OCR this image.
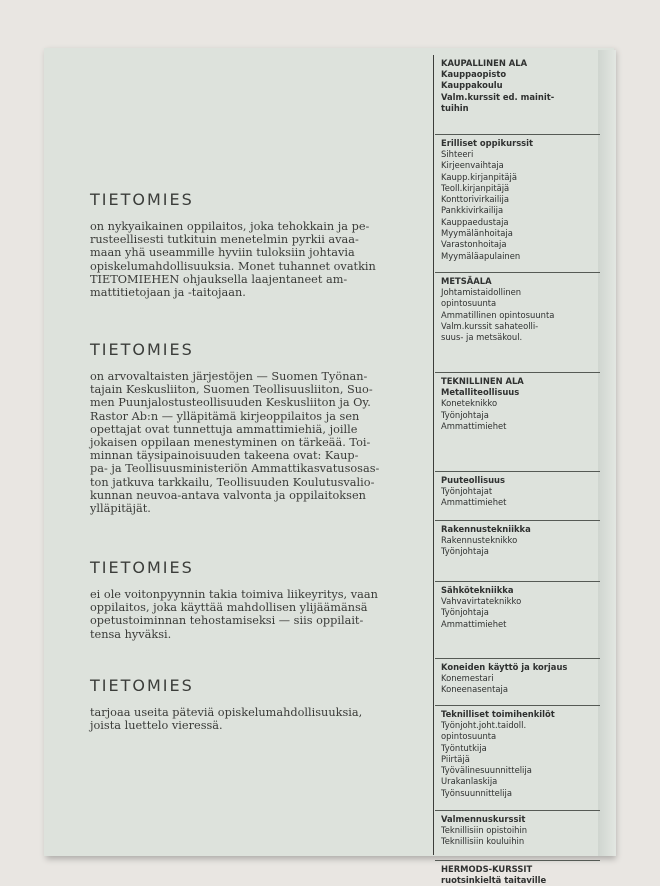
TIETOMIES

on nykyaikainen oppilaitos, joka tehokkain ja pe-
rusteellisesti tutkituin menetelmin pyrkii avaa-
maan yhä useammille hyviin tuloksiin johtavia
opiskelumahdollisuuksia. Monet tuhannet ovatkin
TIETOMIEHEN ohjauksella laajentaneet am-
mattitietojaan ja -taitojaan.

TIETOMIES

on arvovaltaisten järjestöjen — Suomen Työnan-
tajain Keskusliiton, Suomen Teollisuusliiton, Suo-
men Puunjalostusteollisuuden Keskusliiton ja Oy.
Rastor Ab:n — ylläpitämä kirjeoppilaitos ja sen
opettajat ovat tunnettuja ammattimiehiä, joille
jokaisen oppilaan menestyminen on tärkeää. Toi-
minnan täysipainoisuuden takeena ovat: Kaup-
pa- ja Teollisuusministeriön Ammattikasvatusosas-
ton jatkuva tarkkailu, Teollisuuden Koulutusvalio-
kunnan neuvoa-antava valvonta ja oppilaitoksen
ylläpitäjät.

TIETOMIES

ei ole voitonpyynnin takia toimiva liikeyritys, vaan
oppilaitos, joka käyttää mahdollisen ylijäämänsä
opetustoiminnan tehostamiseksi — siis oppilait-
tensa hyväksi.

TIETOMIES

tarjoaa useita päteviä opiskelumahdollisuuksia,
joista luettelo vieressä.

KAUPALLINEN ALA

Kauppaopisto

Kauppakoulu

Valm.kurssit ed. mainit-

tuihin

Erilliset oppikurssit

Sihteeri

Kirjeenvaihtaja

Kaupp.kirjanpitäjä

Teoll.kirjanpitäjä

Konttorivirkailija

Pankkivirkailija

Kauppaedustaja

Myymälänhoitaja

Varastonhoitaja

Myymäläapulainen

METSÄALA

Johtamistaidollinen

opintosuunta

Ammatillinen opintosuunta

Valm.kurssit sahateolli-

suus- ja metsäkoul.

TEKNILLINEN ALA

Metalliteollisuus

Koneteknikko

Työnjohtaja

Ammattimiehet

Puuteollisuus

Työnjohtajat

Ammattimiehet

Rakennustekniikka

Rakennusteknikko

Työnjohtaja

Sähkötekniikka

Vahvavirtateknikko

Työnjohtaja

Ammattimiehet

Koneiden käyttö ja korjaus

Konemestari

Koneenasentaja

Teknilliset toimihenkilöt

Työnjoht.joht.taidoll.

opintosuunta

Työntutkija

Piirtäjä

Työvälinesuunnittelija

Urakanlaskija

Työnsuunnittelija

Valmennuskurssit

Teknillisiin opistoihin

Teknillisiin kouluihin

HERMODS-KURSSIT

ruotsinkieltä taitaville
